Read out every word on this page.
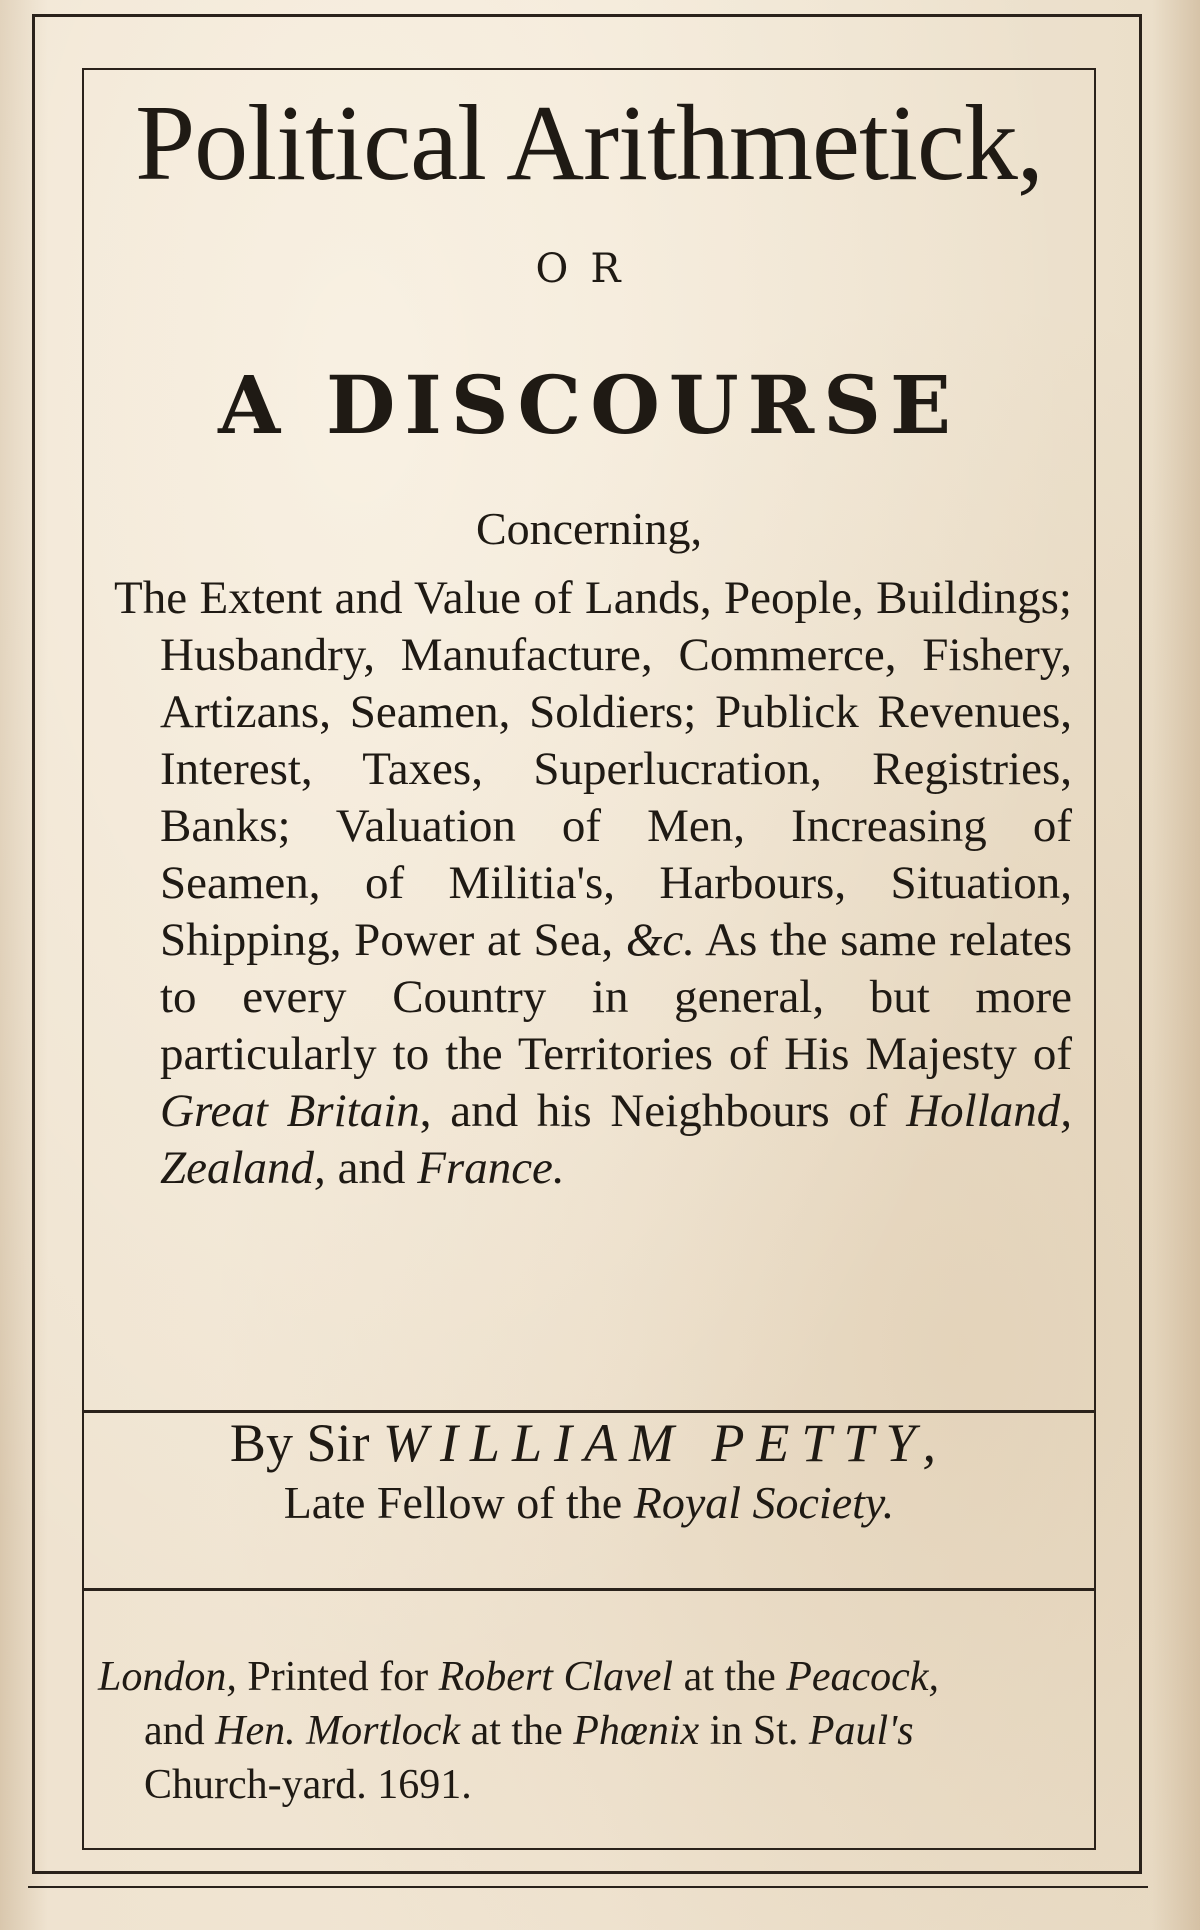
Political Arithmetick,
OR
A DISCOURSE
Concerning,
The Extent and Value of Lands, People, Buildings; Husbandry, Manufacture, Commerce, Fishery, Artizans, Seamen, Soldiers; Publick Revenues, Interest, Taxes, Superlucration, Registries, Banks; Valuation of Men, Increasing of Seamen, of Militia's, Harbours, Situation, Shipping, Power at Sea, &c. As the same relates to every Country in general, but more particularly to the Territories of His Majesty of Great Britain, and his Neighbours of Holland, Zealand, and France.
By Sir WILLIAM PETTY,
Late Fellow of the Royal Society.
London, Printed for Robert Clavel at the Peacock,
and Hen. Mortlock at the Phœnix in St. Paul's
Church-yard. 1691.
